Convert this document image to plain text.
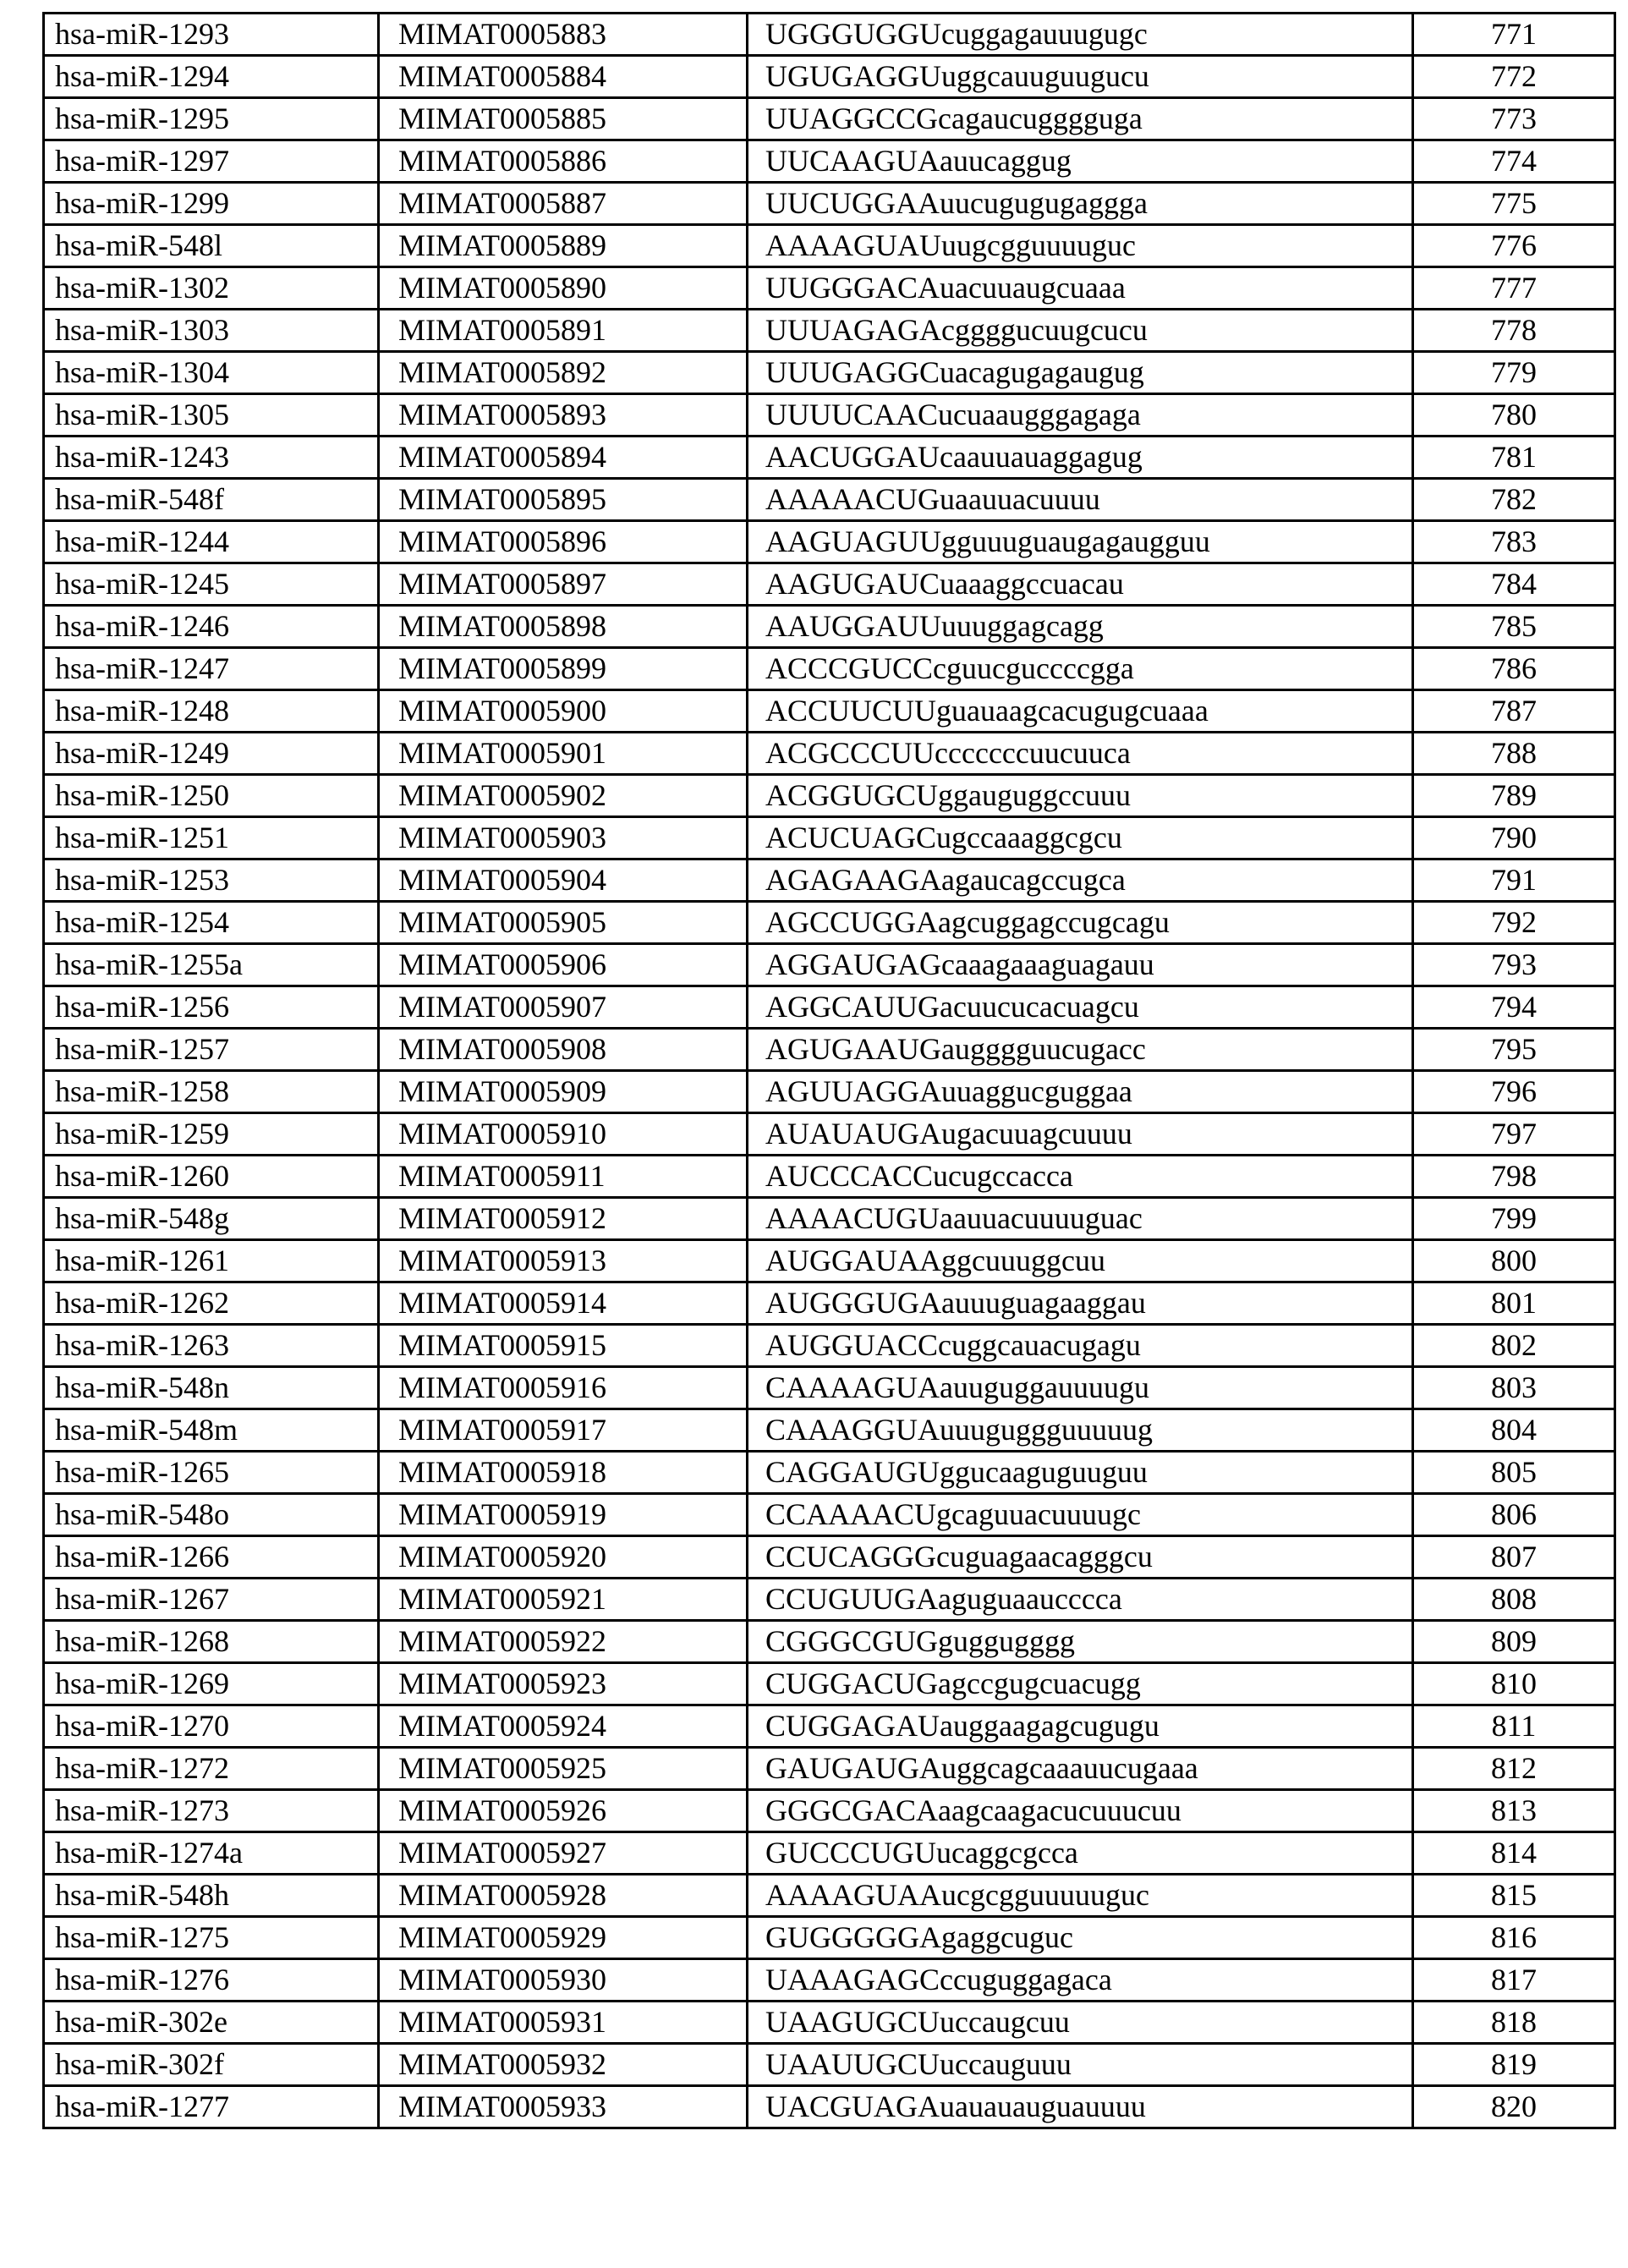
hsa-miR-1293	MIMAT0005883	UGGGUGGUcuggagauuugugc	771
hsa-miR-1294	MIMAT0005884	UGUGAGGUuggcauuguugucu	772
hsa-miR-1295	MIMAT0005885	UUAGGCCGcagaucugggguga	773
hsa-miR-1297	MIMAT0005886	UUCAAGUAauucaggug	774
hsa-miR-1299	MIMAT0005887	UUCUGGAAuucugugugaggga	775
hsa-miR-548l	MIMAT0005889	AAAAGUAUuugcgguuuuguc	776
hsa-miR-1302	MIMAT0005890	UUGGGACAuacuuaugcuaaa	777
hsa-miR-1303	MIMAT0005891	UUUAGAGAcggggucuugcucu	778
hsa-miR-1304	MIMAT0005892	UUUGAGGCuacagugagaugug	779
hsa-miR-1305	MIMAT0005893	UUUUCAACucuaaugggagaga	780
hsa-miR-1243	MIMAT0005894	AACUGGAUcaauuauaggagug	781
hsa-miR-548f	MIMAT0005895	AAAAACUGuaauuacuuuu	782
hsa-miR-1244	MIMAT0005896	AAGUAGUUgguuuguaugagaugguu	783
hsa-miR-1245	MIMAT0005897	AAGUGAUCuaaaggccuacau	784
hsa-miR-1246	MIMAT0005898	AAUGGAUUuuuggagcagg	785
hsa-miR-1247	MIMAT0005899	ACCCGUCCcguucguccccgga	786
hsa-miR-1248	MIMAT0005900	ACCUUCUUguauaagcacugugcuaaa	787
hsa-miR-1249	MIMAT0005901	ACGCCCUUcccccccuucuuca	788
hsa-miR-1250	MIMAT0005902	ACGGUGCUggauguggccuuu	789
hsa-miR-1251	MIMAT0005903	ACUCUAGCugccaaaggcgcu	790
hsa-miR-1253	MIMAT0005904	AGAGAAGAagaucagccugca	791
hsa-miR-1254	MIMAT0005905	AGCCUGGAagcuggagccugcagu	792
hsa-miR-1255a	MIMAT0005906	AGGAUGAGcaaagaaaguagauu	793
hsa-miR-1256	MIMAT0005907	AGGCAUUGacuucucacuagcu	794
hsa-miR-1257	MIMAT0005908	AGUGAAUGaugggguucugacc	795
hsa-miR-1258	MIMAT0005909	AGUUAGGAuuaggucguggaa	796
hsa-miR-1259	MIMAT0005910	AUAUAUGAugacuuagcuuuu	797
hsa-miR-1260	MIMAT0005911	AUCCCACCucugccacca	798
hsa-miR-548g	MIMAT0005912	AAAACUGUaauuacuuuuguac	799
hsa-miR-1261	MIMAT0005913	AUGGAUAAggcuuuggcuu	800
hsa-miR-1262	MIMAT0005914	AUGGGUGAauuuguagaaggau	801
hsa-miR-1263	MIMAT0005915	AUGGUACCcuggcauacugagu	802
hsa-miR-548n	MIMAT0005916	CAAAAGUAauuguggauuuugu	803
hsa-miR-548m	MIMAT0005917	CAAAGGUAuuuguggguuuuug	804
hsa-miR-1265	MIMAT0005918	CAGGAUGUggucaaguguuguu	805
hsa-miR-548o	MIMAT0005919	CCAAAACUgcaguuacuuuugc	806
hsa-miR-1266	MIMAT0005920	CCUCAGGGcuguagaacagggcu	807
hsa-miR-1267	MIMAT0005921	CCUGUUGAaguguaaucccca	808
hsa-miR-1268	MIMAT0005922	CGGGCGUGguggugggg	809
hsa-miR-1269	MIMAT0005923	CUGGACUGagccgugcuacugg	810
hsa-miR-1270	MIMAT0005924	CUGGAGAUauggaagagcugugu	811
hsa-miR-1272	MIMAT0005925	GAUGAUGAuggcagcaaauucugaaa	812
hsa-miR-1273	MIMAT0005926	GGGCGACAaagcaagacucuuucuu	813
hsa-miR-1274a	MIMAT0005927	GUCCCUGUucaggcgcca	814
hsa-miR-548h	MIMAT0005928	AAAAGUAAucgcgguuuuuguc	815
hsa-miR-1275	MIMAT0005929	GUGGGGGAgaggcuguc	816
hsa-miR-1276	MIMAT0005930	UAAAGAGCccuguggagaca	817
hsa-miR-302e	MIMAT0005931	UAAGUGCUuccaugcuu	818
hsa-miR-302f	MIMAT0005932	UAAUUGCUuccauguuu	819
hsa-miR-1277	MIMAT0005933	UACGUAGAuauauauguauuuu	820
